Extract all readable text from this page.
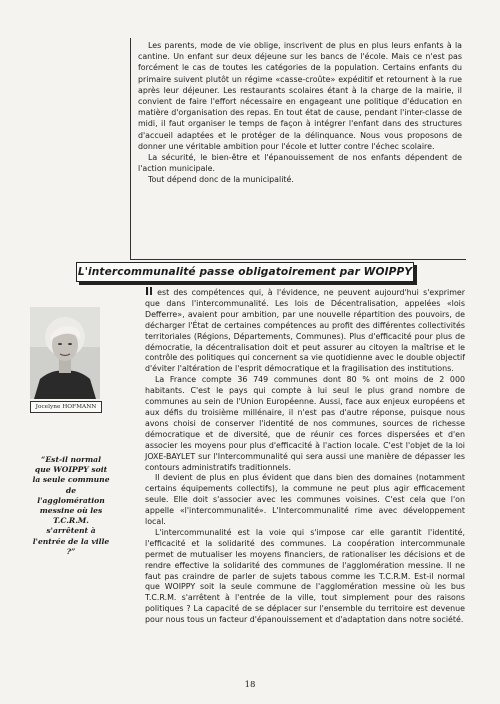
Les parents, mode de vie oblige, inscrivent de plus en plus leurs enfants à la cantine. Un enfant sur deux déjeune sur les bancs de l'école. Mais ce n'est pas forcément le cas de toutes les catégories de la population. Certains enfants du primaire suivent plutôt un régime «casse-croûte» expéditif et retournent à la rue après leur déjeuner. Les restaurants scolaires étant à la charge de la mairie, il convient de faire l'effort nécessaire en engageant une politique d'éducation en matière d'organisation des repas. En tout état de cause, pendant l'inter-classe de midi, il faut organiser le temps de façon à intégrer l'enfant dans des structures d'accueil adaptées et le protéger de la délinquance. Nous vous proposons de donner une véritable ambition pour l'école et lutter contre l'échec scolaire.

La sécurité, le bien-être et l'épanouissement de nos enfants dépendent de l'action municipale.

Tout dépend donc de la municipalité.

L'intercommunalité passe obligatoirement par WOIPPY
Jocelyne HOFMANN
“Est-il normal que WOIPPY soit la seule commune de l'agglomération messine où les T.C.R.M. s'arrêtent à l'entrée de la ville ?”

Il est des compétences qui, à l'évidence, ne peuvent aujourd'hui s'exprimer que dans l'intercommunalité. Les lois de Décentralisation, appelées «lois Defferre», avaient pour ambition, par une nouvelle répartition des pouvoirs, de décharger l'État de certaines compétences au profit des différentes collectivités territoriales (Régions, Départements, Communes). Plus d'efficacité pour plus de démocratie, la décentralisation doit et peut assurer au citoyen la maîtrise et le contrôle des politiques qui concernent sa vie quotidienne avec le double objectif d'éviter l'altération de l'esprit démocratique et la fragilisation des institutions.

La France compte 36 749 communes dont 80 % ont moins de 2 000 habitants. C'est le pays qui compte à lui seul le plus grand nombre de communes au sein de l'Union Européenne. Aussi, face aux enjeux européens et aux défis du troisième millénaire, il n'est pas d'autre réponse, puisque nous avons choisi de conserver l'identité de nos communes, sources de richesse démocratique et de diversité, que de réunir ces forces dispersées et d'en associer les moyens pour plus d'efficacité à l'action locale. C'est l'objet de la loi JOXE-BAYLET sur l'Intercommunalité qui sera aussi une manière de dépasser les contours administratifs traditionnels.

Il devient de plus en plus évident que dans bien des domaines (notamment certains équipements collectifs), la commune ne peut plus agir efficacement seule. Elle doit s'associer avec les communes voisines. C'est cela que l'on appelle «l'intercommunalité». L'Intercommunalité rime avec développement local.

L'intercommunalité est la voie qui s'impose car elle garantit l'identité, l'efficacité et la solidarité des communes. La coopération intercommunale permet de mutualiser les moyens financiers, de rationaliser les décisions et de rendre effective la solidarité des communes de l'agglomération messine. Il ne faut pas craindre de parler de sujets tabous comme les T.C.R.M. Est-il normal que WOIPPY soit la seule commune de l'agglomération messine où les bus T.C.R.M. s'arrêtent à l'entrée de la ville, tout simplement pour des raisons politiques ? La capacité de se déplacer sur l'ensemble du territoire est devenue pour nous tous un facteur d'épanouissement et d'adaptation dans notre société.

18
